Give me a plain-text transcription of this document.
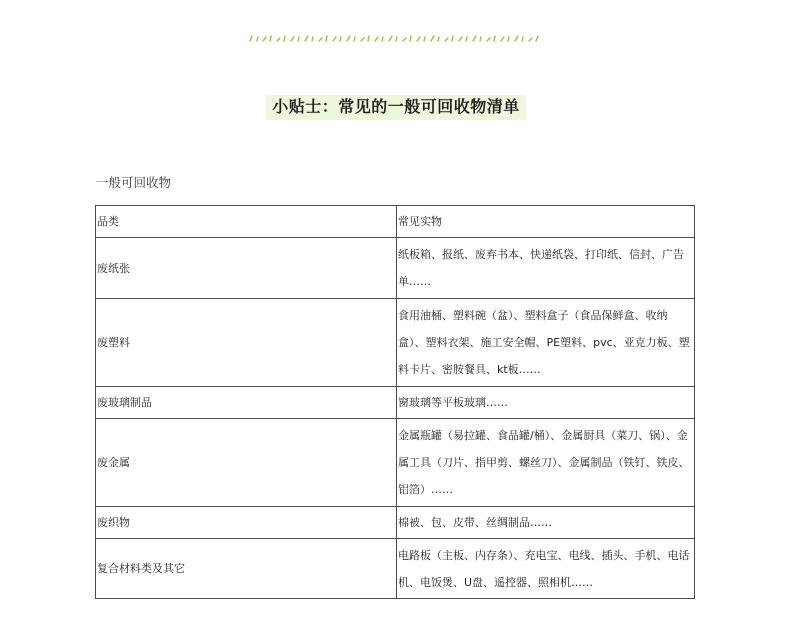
小贴士：常见的一般可回收物清单
一般可回收物
品类	常见实物
废纸张	纸板箱、报纸、废弃书本、快递纸袋、打印纸、信封、广告单……
废塑料	食用油桶、塑料碗（盆）、塑料盒子（食品保鲜盒、收纳盒）、塑料衣架、施工安全帽、PE塑料、pvc、亚克力板、塑料卡片、密胺餐具、kt板……
废玻璃制品	窗玻璃等平板玻璃……
废金属	金属瓶罐（易拉罐、食品罐/桶）、金属厨具（菜刀、锅）、金属工具（刀片、指甲剪、螺丝刀）、金属制品（铁钉、铁皮、铝箔）……
废织物	棉被、包、皮带、丝绸制品……
复合材料类及其它	电路板（主板、内存条）、充电宝、电线、插头、手机、电话机、电饭煲、U盘、遥控器、照相机……
